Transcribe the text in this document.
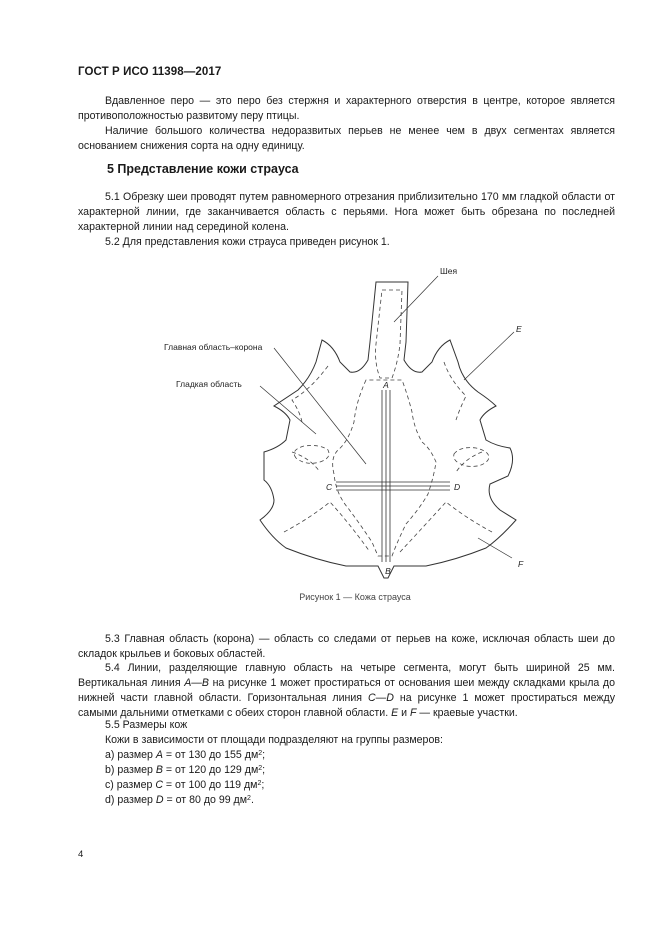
ГОСТ Р ИСО 11398—2017

Вдавленное перо — это перо без стержня и характерного отверстия в центре, которое является противоположностью развитому перу птицы.

Наличие большого количества недоразвитых перьев не менее чем в двух сегментах является основанием снижения сорта на одну единицу.

5 Представление кожи страуса

5.1 Обрезку шеи проводят путем равномерного отрезания приблизительно 170 мм гладкой области от характерной линии, где заканчивается область с перьями. Нога может быть обрезана по последней характерной линии над серединой колена.

5.2 Для представления кожи страуса приведен рисунок 1.

Шея
Главная область–корона
Гладкая область
E
F
A
B
C	D
Рисунок 1 — Кожа страуса

5.3 Главная область (корона) — область со следами от перьев на коже, исключая область шеи до складок крыльев и боковых областей.

5.4 Линии, разделяющие главную область на четыре сегмента, могут быть шириной 25 мм. Вертикальная линия A—B на рисунке 1 может простираться от основания шеи между складками крыла до нижней части главной области. Горизонтальная линия C—D на рисунке 1 может простираться между самыми дальними отметками с обеих сторон главной области. E и F — краевые участки.

5.5 Размеры кож

Кожи в зависимости от площади подразделяют на группы размеров:

a) размер A = от 130 до 155 $дм^2$;

b) размер B = от 120 до 129 $дм^2$;

c) размер C = от 100 до 119 $дм^2$;

d) размер D = от 80 до 99 $дм^2$.

4
